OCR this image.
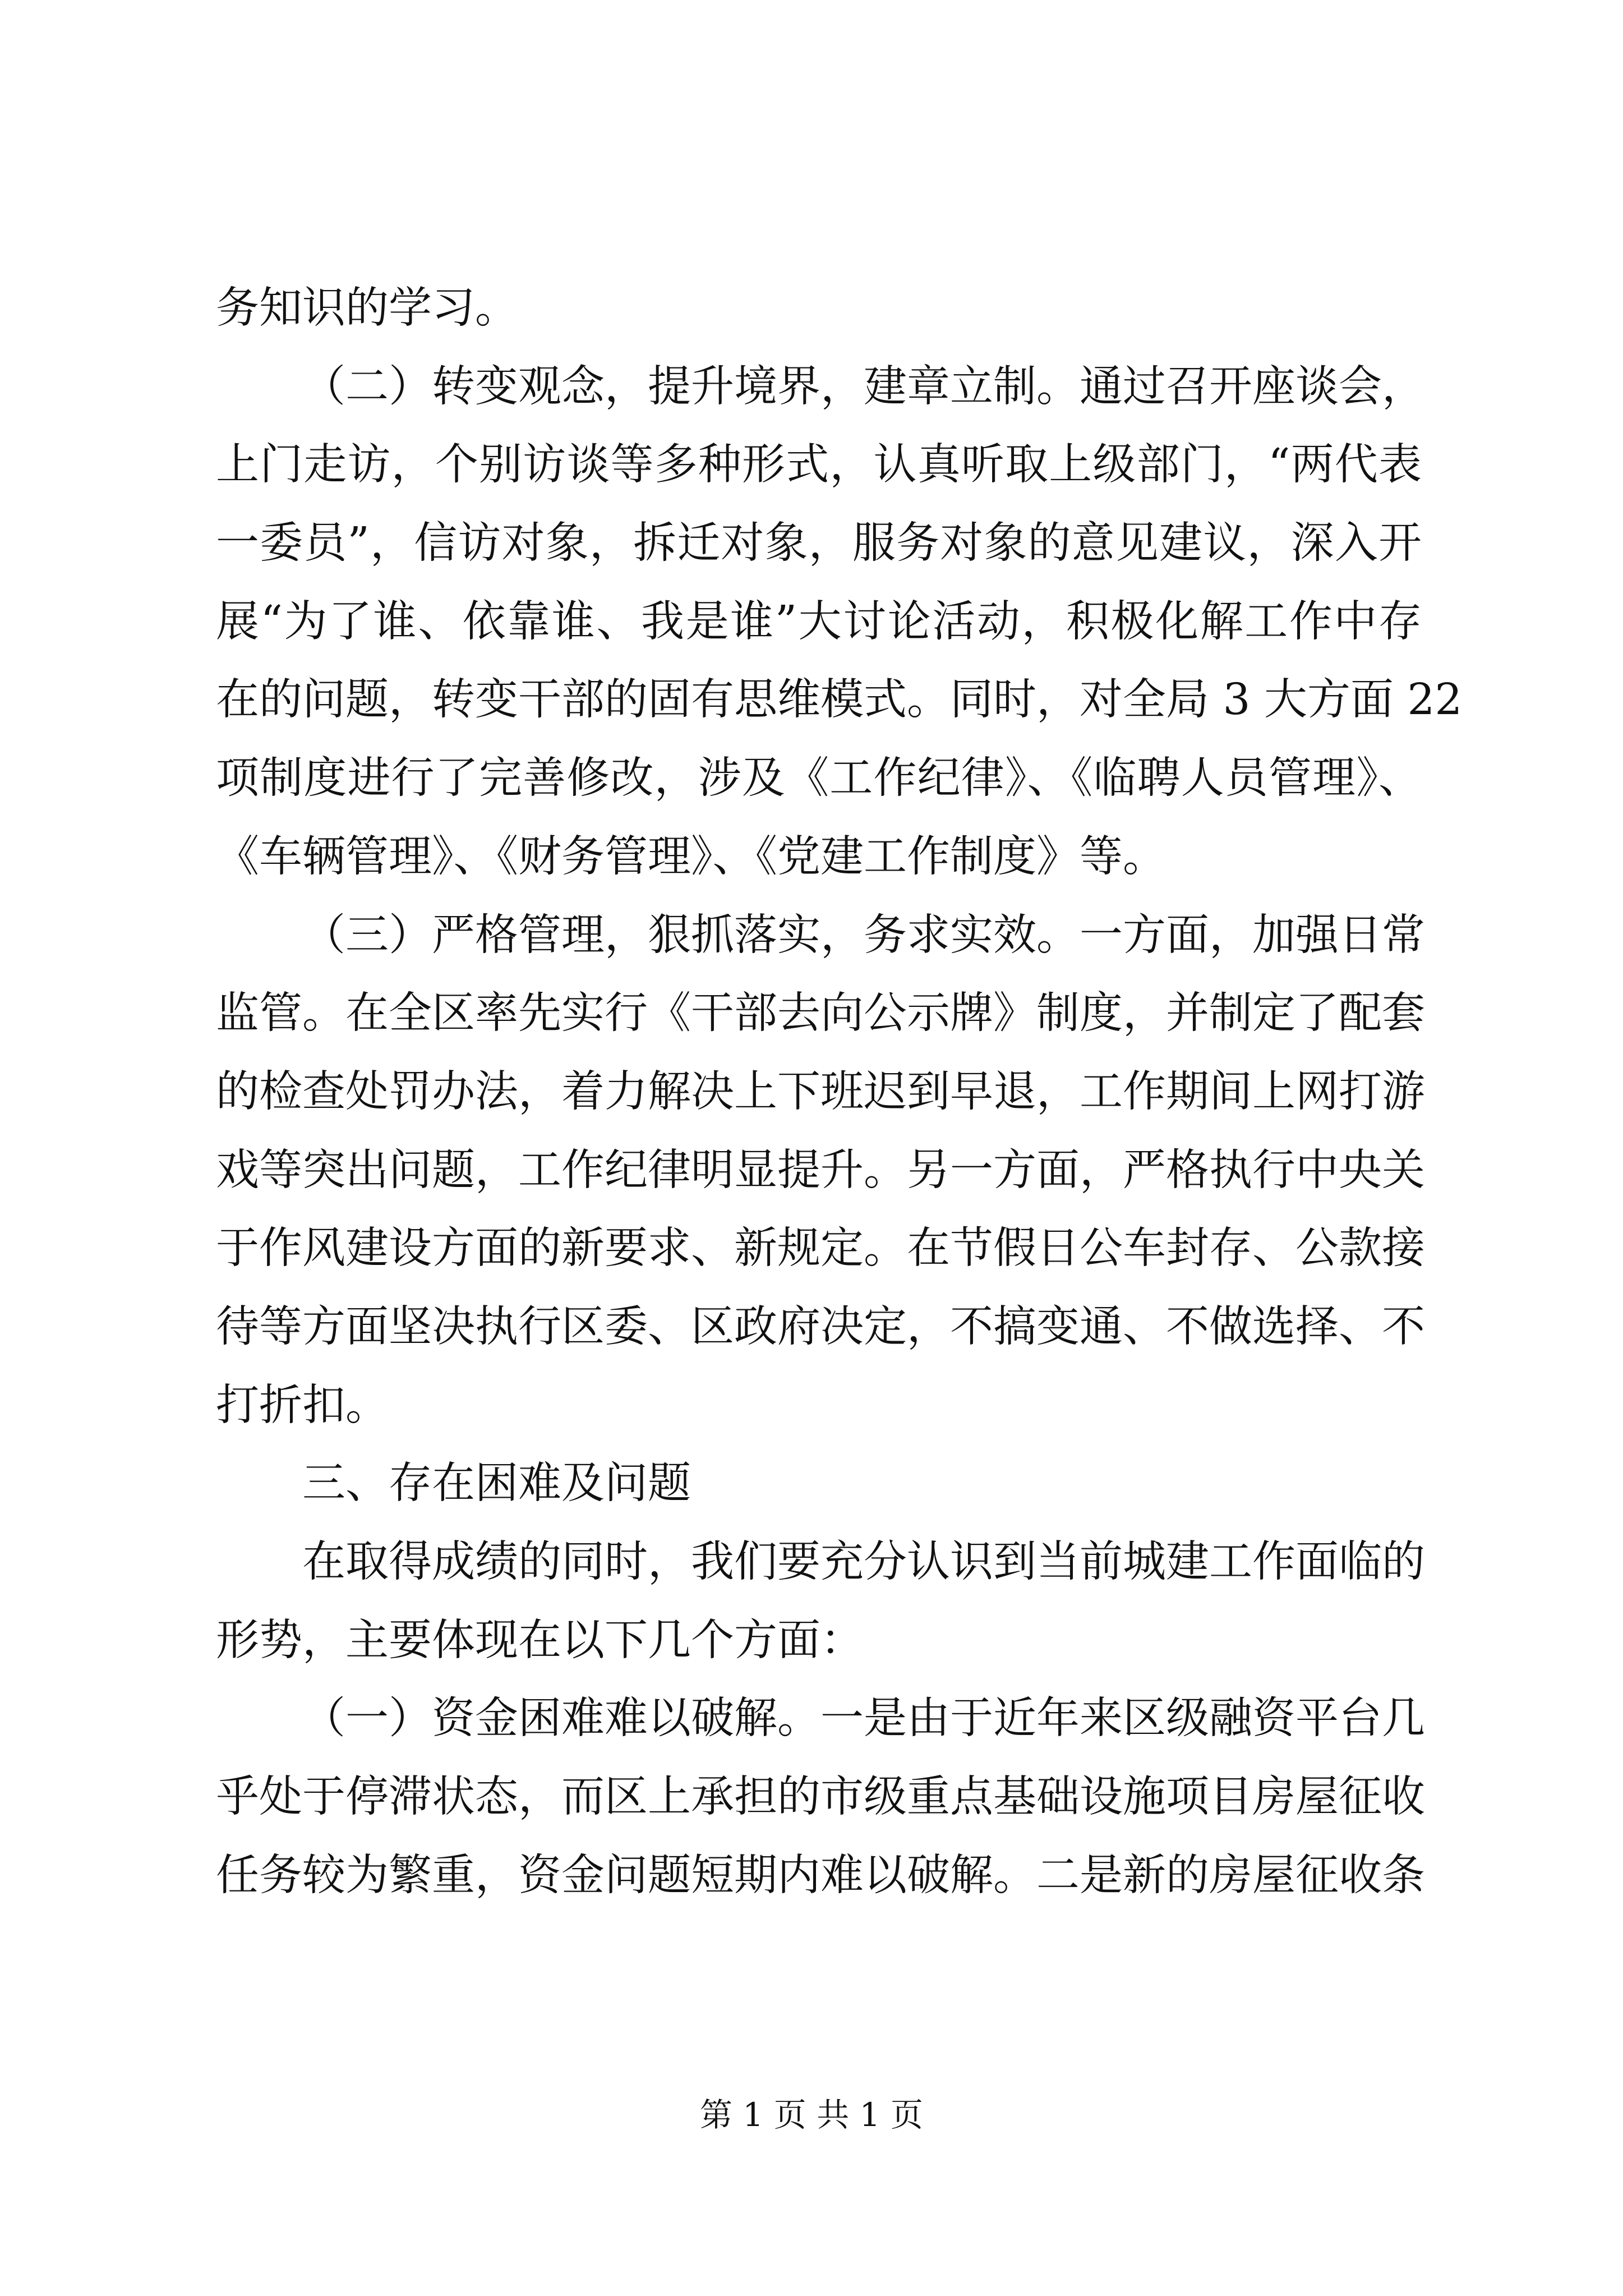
务知识的学习。
（二）转变观念，提升境界，建章立制。通过召开座谈会，
上门走访，个别访谈等多种形式，认真听取上级部门，“两代表
一委员”，信访对象，拆迁对象，服务对象的意见建议，深入开
展“为了谁、依靠谁、我是谁”大讨论活动，积极化解工作中存
在的问题，转变干部的固有思维模式。同时，对全局 3 大方面 22
项制度进行了完善修改，涉及《工作纪律》、《临聘人员管理》、
《车辆管理》、《财务管理》、《党建工作制度》等。
（三）严格管理，狠抓落实，务求实效。一方面，加强日常
监管。在全区率先实行《干部去向公示牌》制度，并制定了配套
的检查处罚办法，着力解决上下班迟到早退，工作期间上网打游
戏等突出问题，工作纪律明显提升。另一方面，严格执行中央关
于作风建设方面的新要求、新规定。在节假日公车封存、公款接
待等方面坚决执行区委、区政府决定，不搞变通、不做选择、不
打折扣。
三、存在困难及问题
在取得成绩的同时，我们要充分认识到当前城建工作面临的
形势，主要体现在以下几个方面：
（一）资金困难难以破解。一是由于近年来区级融资平台几
乎处于停滞状态，而区上承担的市级重点基础设施项目房屋征收
任务较为繁重，资金问题短期内难以破解。二是新的房屋征收条
第 1 页 共 1 页
